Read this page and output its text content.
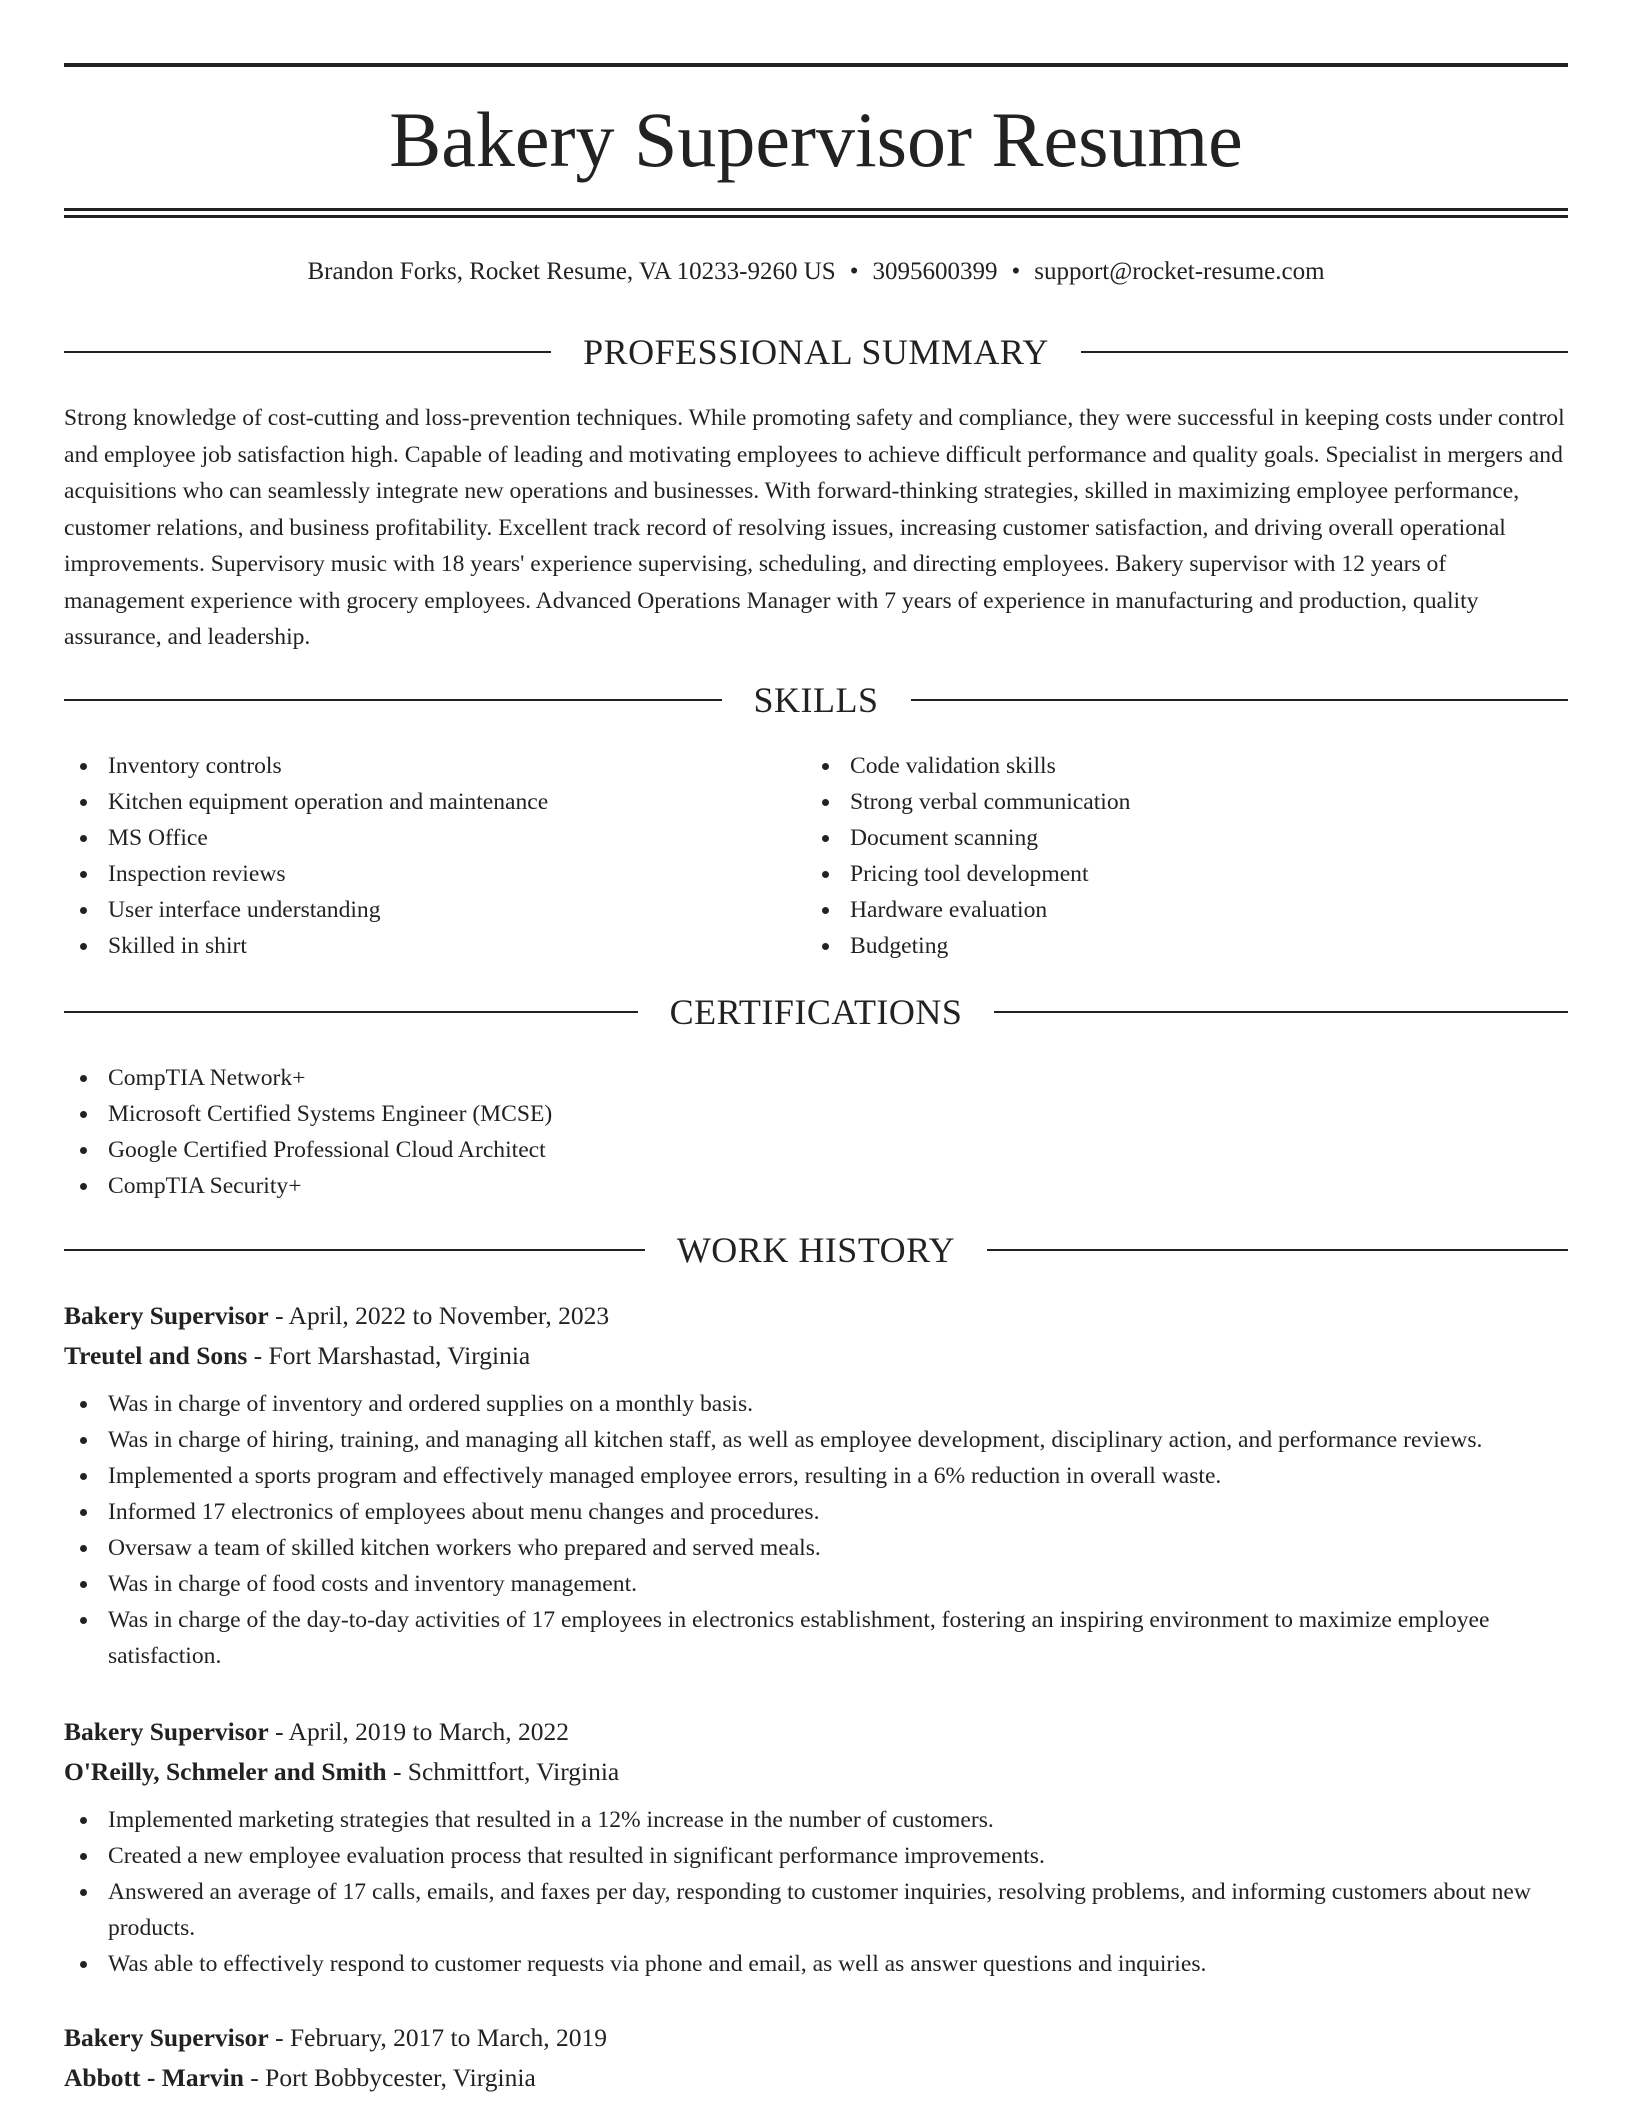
Bakery Supervisor Resume
Brandon Forks, Rocket Resume, VA 10233-9260 US • 3095600399 • support@rocket-resume.com
PROFESSIONAL SUMMARY

Strong knowledge of cost-cutting and loss-prevention techniques. While promoting safety and compliance, they were successful in keeping costs under control and employee job satisfaction high. Capable of leading and motivating employees to achieve difficult performance and quality goals. Specialist in mergers and acquisitions who can seamlessly integrate new operations and businesses. With forward-thinking strategies, skilled in maximizing employee performance, customer relations, and business profitability. Excellent track record of resolving issues, increasing customer satisfaction, and driving overall operational improvements. Supervisory music with 18 years' experience supervising, scheduling, and directing employees. Bakery supervisor with 12 years of management experience with grocery employees. Advanced Operations Manager with 7 years of experience in manufacturing and production, quality assurance, and leadership.

SKILLS
Inventory controls
Kitchen equipment operation and maintenance
MS Office
Inspection reviews
User interface understanding
Skilled in shirt
Code validation skills
Strong verbal communication
Document scanning
Pricing tool development
Hardware evaluation
Budgeting
CERTIFICATIONS
CompTIA Network+
Microsoft Certified Systems Engineer (MCSE)
Google Certified Professional Cloud Architect
CompTIA Security+
WORK HISTORY
Bakery Supervisor - April, 2022 to November, 2023
Treutel and Sons - Fort Marshastad, Virginia
Was in charge of inventory and ordered supplies on a monthly basis.
Was in charge of hiring, training, and managing all kitchen staff, as well as employee development, disciplinary action, and performance reviews.
Implemented a sports program and effectively managed employee errors, resulting in a 6% reduction in overall waste.
Informed 17 electronics of employees about menu changes and procedures.
Oversaw a team of skilled kitchen workers who prepared and served meals.
Was in charge of food costs and inventory management.
Was in charge of the day-to-day activities of 17 employees in electronics establishment, fostering an inspiring environment to maximize employee satisfaction.
Bakery Supervisor - April, 2019 to March, 2022
O'Reilly, Schmeler and Smith - Schmittfort, Virginia
Implemented marketing strategies that resulted in a 12% increase in the number of customers.
Created a new employee evaluation process that resulted in significant performance improvements.
Answered an average of 17 calls, emails, and faxes per day, responding to customer inquiries, resolving problems, and informing customers about new products.
Was able to effectively respond to customer requests via phone and email, as well as answer questions and inquiries.
Bakery Supervisor - February, 2017 to March, 2019
Abbott - Marvin - Port Bobbycester, Virginia
